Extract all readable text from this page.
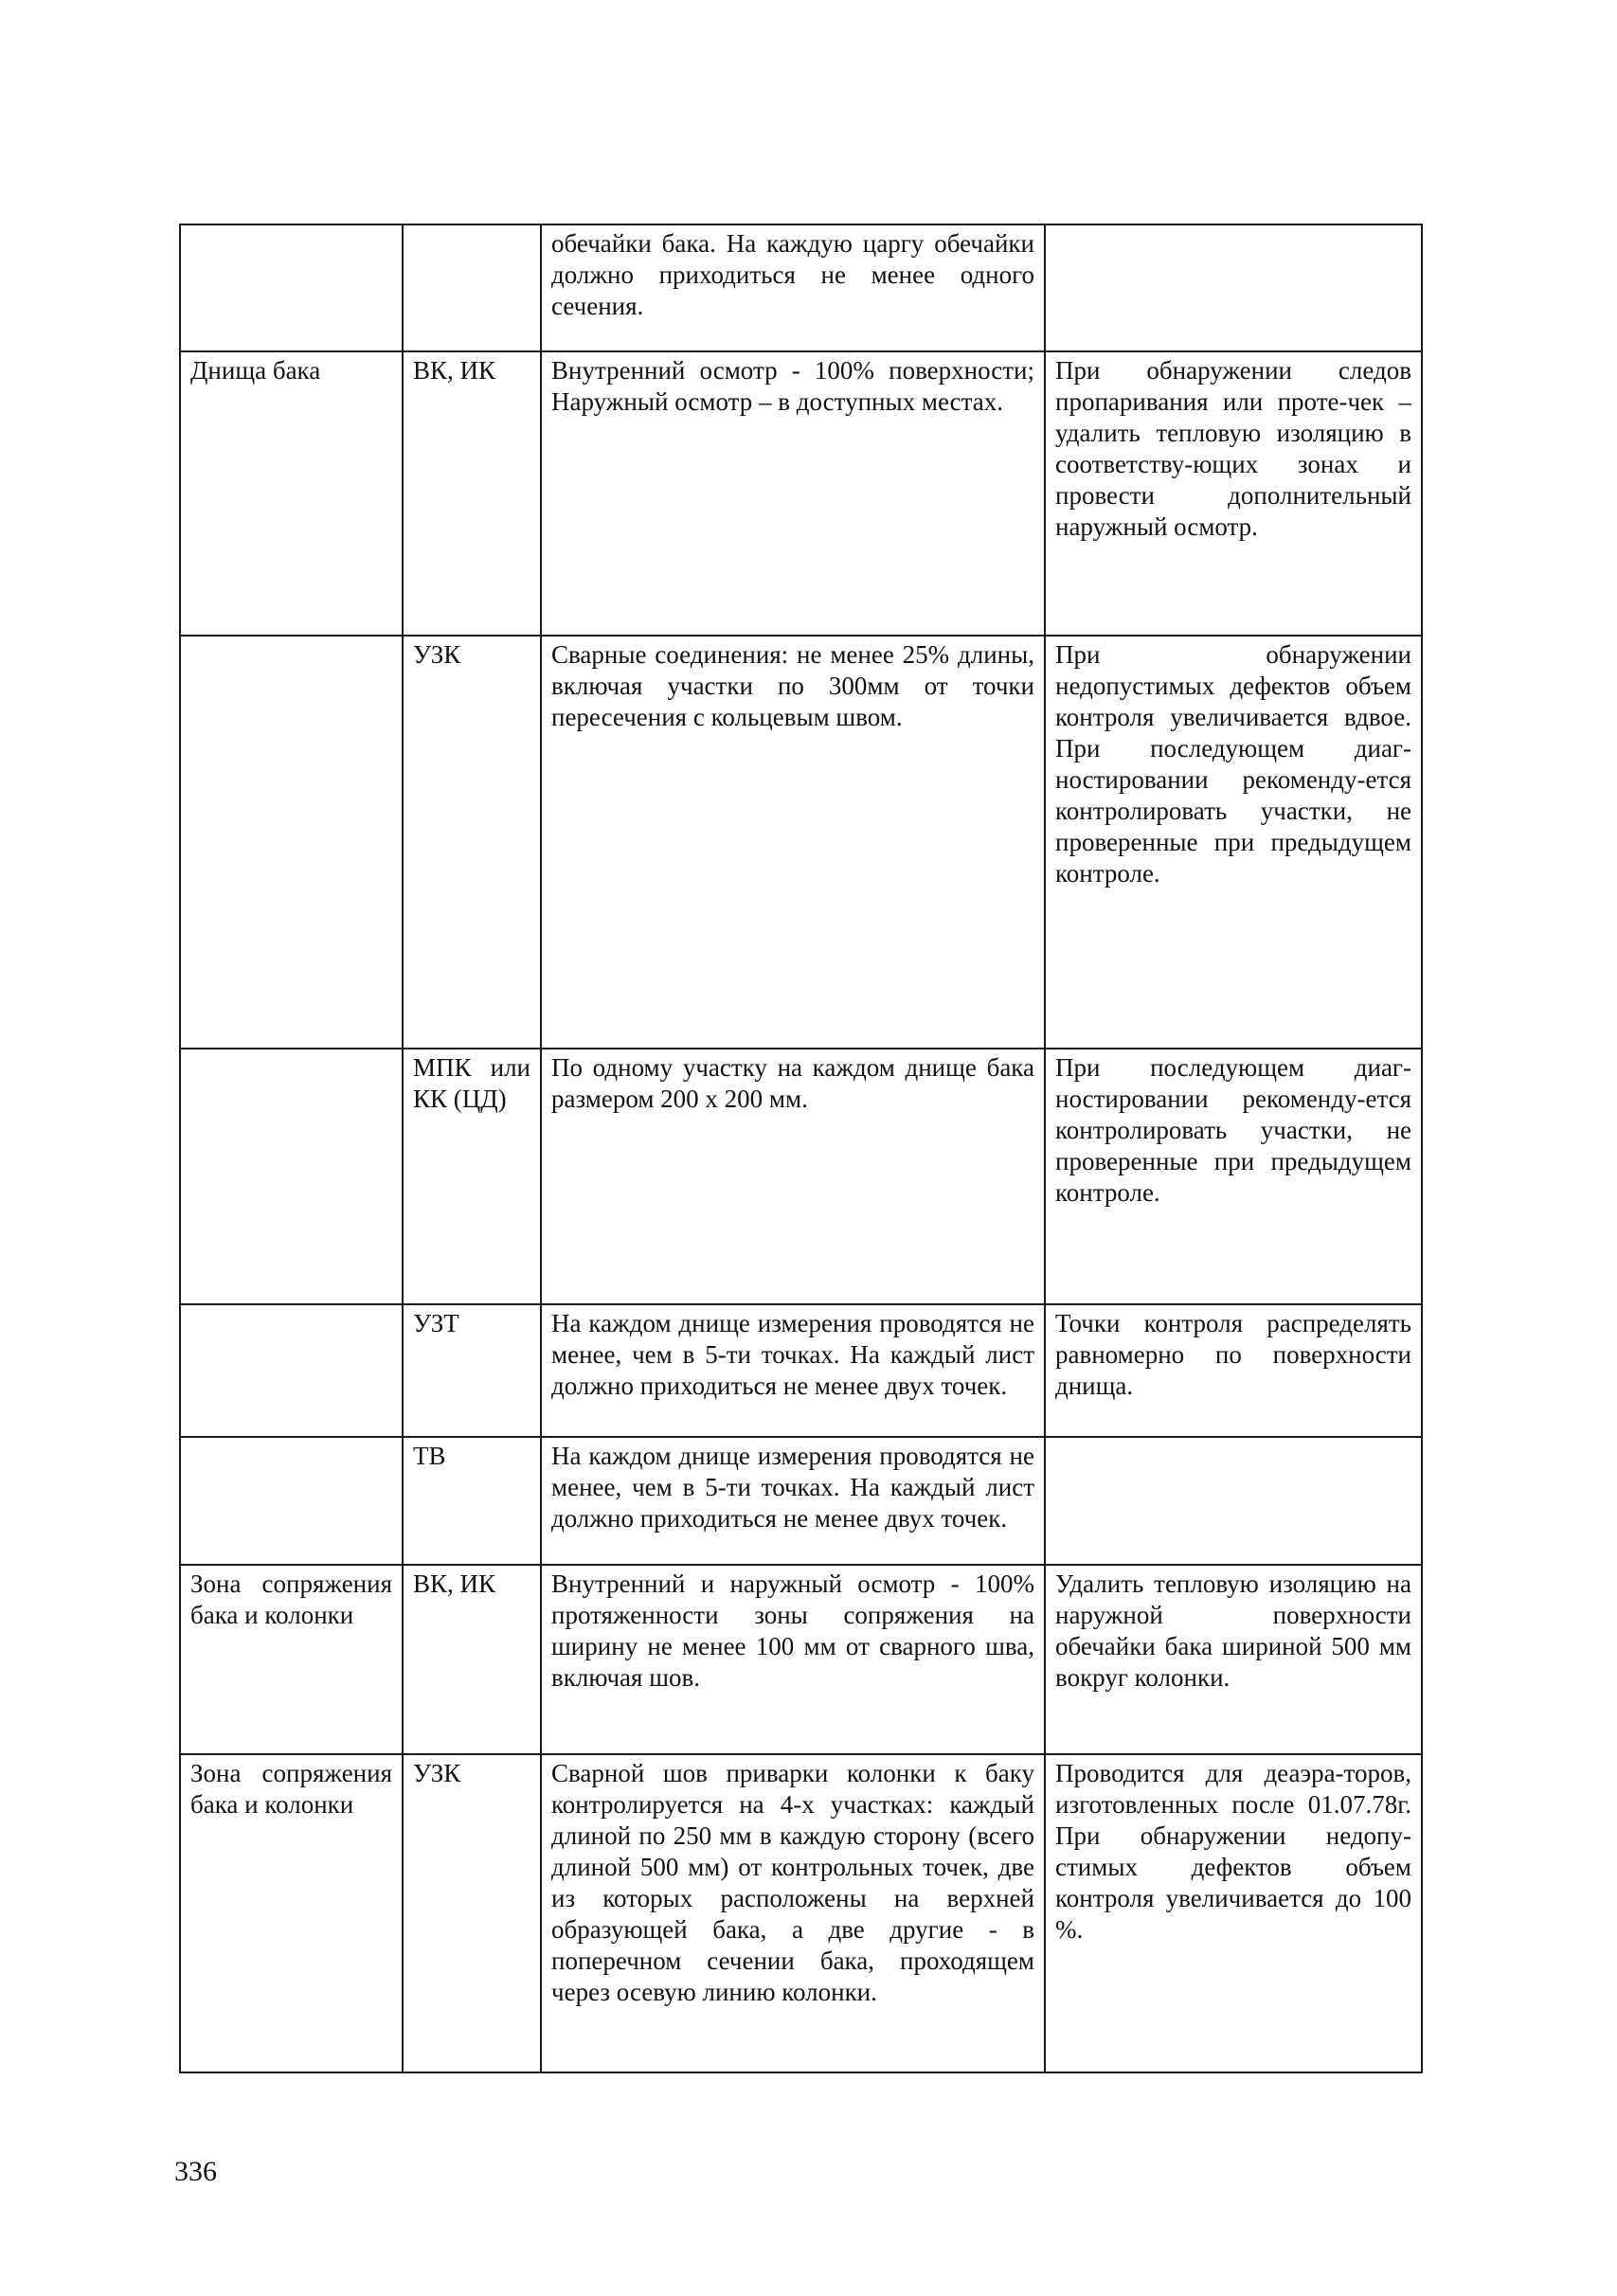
		обечайки бака. На каждую царгу обечайки должно приходиться не менее одного сечения.	
Днища бака	ВК, ИК	Внутренний осмотр - 100% поверхности; Наружный осмотр – в доступных местах.	При обнаружении следов пропаривания или проте-чек – удалить тепловую изоляцию в соответству-ющих зонах и провести дополнительный наружный осмотр.
	УЗК	Сварные соединения: не менее 25% длины, включая участки по 300мм от точки пересечения с кольцевым швом.	При обнаружении недопустимых дефектов объем контроля увеличивается вдвое. При последующем диаг-ностировании рекоменду-ется контролировать участки, не проверенные при предыдущем контроле.
	МПК или КК (ЦД)	По одному участку на каждом днище бака размером 200 х 200 мм.	При последующем диаг-ностировании рекоменду-ется контролировать участки, не проверенные при предыдущем контроле.
	УЗТ	На каждом днище измерения проводятся не менее, чем в 5-ти точках. На каждый лист должно приходиться не менее двух точек.	Точки контроля распределять равномерно по поверхности днища.
	ТВ	На каждом днище измерения проводятся не менее, чем в 5-ти точках. На каждый лист должно приходиться не менее двух точек.	
Зона сопряжения бака и колонки	ВК, ИК	Внутренний и наружный осмотр - 100% протяженности зоны сопряжения на ширину не менее 100 мм от сварного шва, включая шов.	Удалить тепловую изоляцию на наружной поверхности обечайки бака шириной 500 мм вокруг колонки.
Зона сопряжения бака и колонки	УЗК	Сварной шов приварки колонки к баку контролируется на 4-х участках: каждый длиной по 250 мм в каждую сторону (всего длиной 500 мм) от контрольных точек, две из которых расположены на верхней образующей бака, а две другие - в поперечном сечении бака, проходящем через осевую линию колонки.	Проводится для деаэра-торов, изготовленных после 01.07.78г. При обнаружении недопу-стимых дефектов объем контроля увеличивается до 100 %.
336
